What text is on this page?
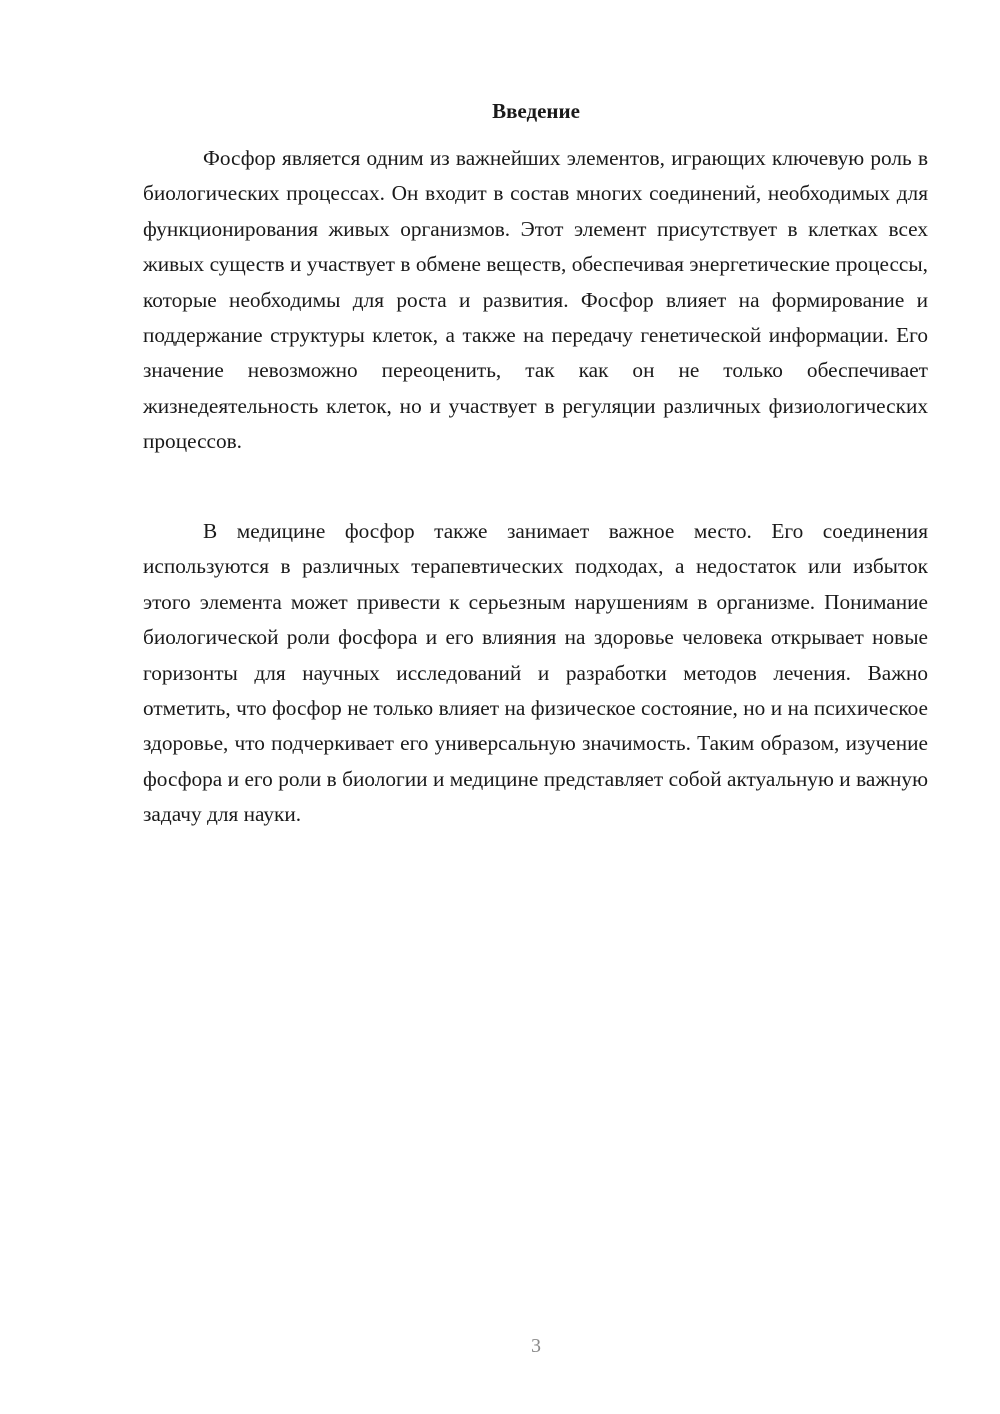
Введение

Фосфор является одним из важнейших элементов, играющих ключевую роль в биологических процессах. Он входит в состав многих соединений, необходимых для функционирования живых организмов. Этот элемент присутствует в клетках всех живых существ и участвует в обмене веществ, обеспечивая энергетические процессы, которые необходимы для роста и развития. Фосфор влияет на формирование и поддержание структуры клеток, а также на передачу генетической информации. Его значение невозможно переоценить, так как он не только обеспечивает жизнедеятельность клеток, но и участвует в регуляции различных физиологических процессов.

В медицине фосфор также занимает важное место. Его соединения используются в различных терапевтических подходах, а недостаток или избыток этого элемента может привести к серьезным нарушениям в организме. Понимание биологической роли фосфора и его влияния на здоровье человека открывает новые горизонты для научных исследований и разработки методов лечения. Важно отметить, что фосфор не только влияет на физическое состояние, но и на психическое здоровье, что подчеркивает его универсальную значимость. Таким образом, изучение фосфора и его роли в биологии и медицине представляет собой актуальную и важную задачу для науки.

3
